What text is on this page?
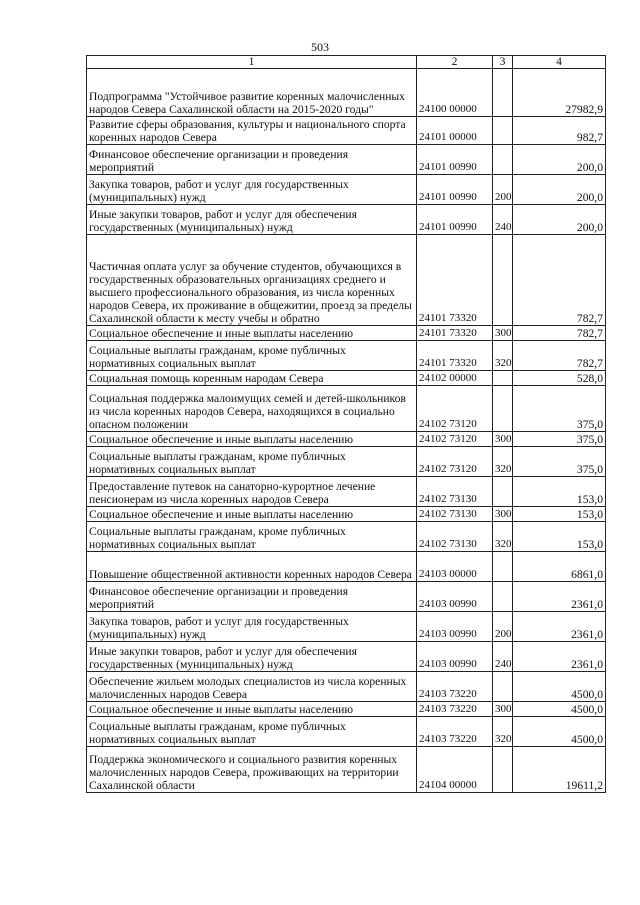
503
1	2	3	4
Подпрограмма "Устойчивое развитие коренных малочисленных народов Севера Сахалинской области на 2015-2020 годы"	24100 00000		27982,9
Развитие сферы образования, культуры и национального спорта коренных народов Севера	24101 00000		982,7
Финансовое обеспечение организации и проведения мероприятий	24101 00990		200,0
Закупка товаров, работ и услуг для государственных (муниципальных) нужд	24101 00990	200	200,0
Иные закупки товаров, работ и услуг для обеспечения государственных (муниципальных) нужд	24101 00990	240	200,0
Частичная оплата услуг за обучение студентов, обучающихся в государственных образовательных организациях среднего и высшего профессионального образования, из числа коренных народов Севера, их проживание в общежитии, проезд за пределы Сахалинской области к месту учебы и обратно	24101 73320		782,7
Социальное обеспечение и иные выплаты населению	24101 73320	300	782,7
Социальные выплаты гражданам, кроме публичных нормативных социальных выплат	24101 73320	320	782,7
Социальная помощь коренным народам Севера	24102 00000		528,0
Социальная поддержка малоимущих семей и детей-школьников из числа коренных народов Севера, находящихся в социально опасном положении	24102 73120		375,0
Социальное обеспечение и иные выплаты населению	24102 73120	300	375,0
Социальные выплаты гражданам, кроме публичных нормативных социальных выплат	24102 73120	320	375,0
Предоставление путевок на санаторно-курортное лечение пенсионерам из числа коренных народов Севера	24102 73130		153,0
Социальное обеспечение и иные выплаты населению	24102 73130	300	153,0
Социальные выплаты гражданам, кроме публичных нормативных социальных выплат	24102 73130	320	153,0
Повышение общественной активности коренных народов Севера	24103 00000		6861,0
Финансовое обеспечение организации и проведения мероприятий	24103 00990		2361,0
Закупка товаров, работ и услуг для государственных (муниципальных) нужд	24103 00990	200	2361,0
Иные закупки товаров, работ и услуг для обеспечения государственных (муниципальных) нужд	24103 00990	240	2361,0
Обеспечение жильем молодых специалистов из числа коренных малочисленных народов Севера	24103 73220		4500,0
Социальное обеспечение и иные выплаты населению	24103 73220	300	4500,0
Социальные выплаты гражданам, кроме публичных нормативных социальных выплат	24103 73220	320	4500,0
Поддержка экономического и социального развития коренных малочисленных народов Севера, проживающих на территории Сахалинской области	24104 00000		19611,2
